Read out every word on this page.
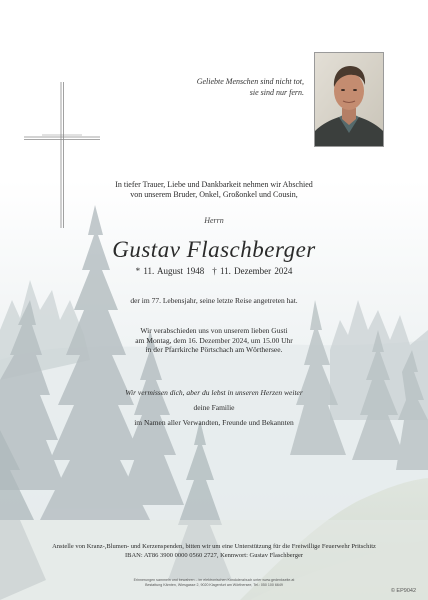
Geliebte Menschen sind nicht tot,
sie sind nur fern.
In tiefer Trauer, Liebe und Dankbarkeit nehmen wir Abschied
von unserem Bruder, Onkel, Großonkel und Cousin,
Herrn
Gustav Flaschberger
* 11. August 1948 † 11. Dezember 2024
der im 77. Lebensjahr, seine letzte Reise angetreten hat.
Wir verabschieden uns von unserem lieben Gusti
am Montag, dem 16. Dezember 2024, um 15.00 Uhr
in der Pfarrkirche Pörtschach am Wörthersee.
Wir vermissen dich, aber du lebst in unseren Herzen weiter
deine Familie
im Namen aller Verwandten, Freunde und Bekannten
Anstelle von Kranz-,Blumen- und Kerzenspenden, bitten wir um eine Unterstützung für die Freiwillige Feuerwehr Pritschitz
IBAN: AT86 3900 0000 0560 2727, Kennwort: Gustav Flaschberger
Erinnerungen sammeln und bewahren – im elektronischen Kondolenzbuch unter www.gedenkseite.at
Bestattung Kärnten, Wiesgasse 2, 9020 Klagenfurt am Wörthersee, Tel.: 050 100 6649
© EP9042
